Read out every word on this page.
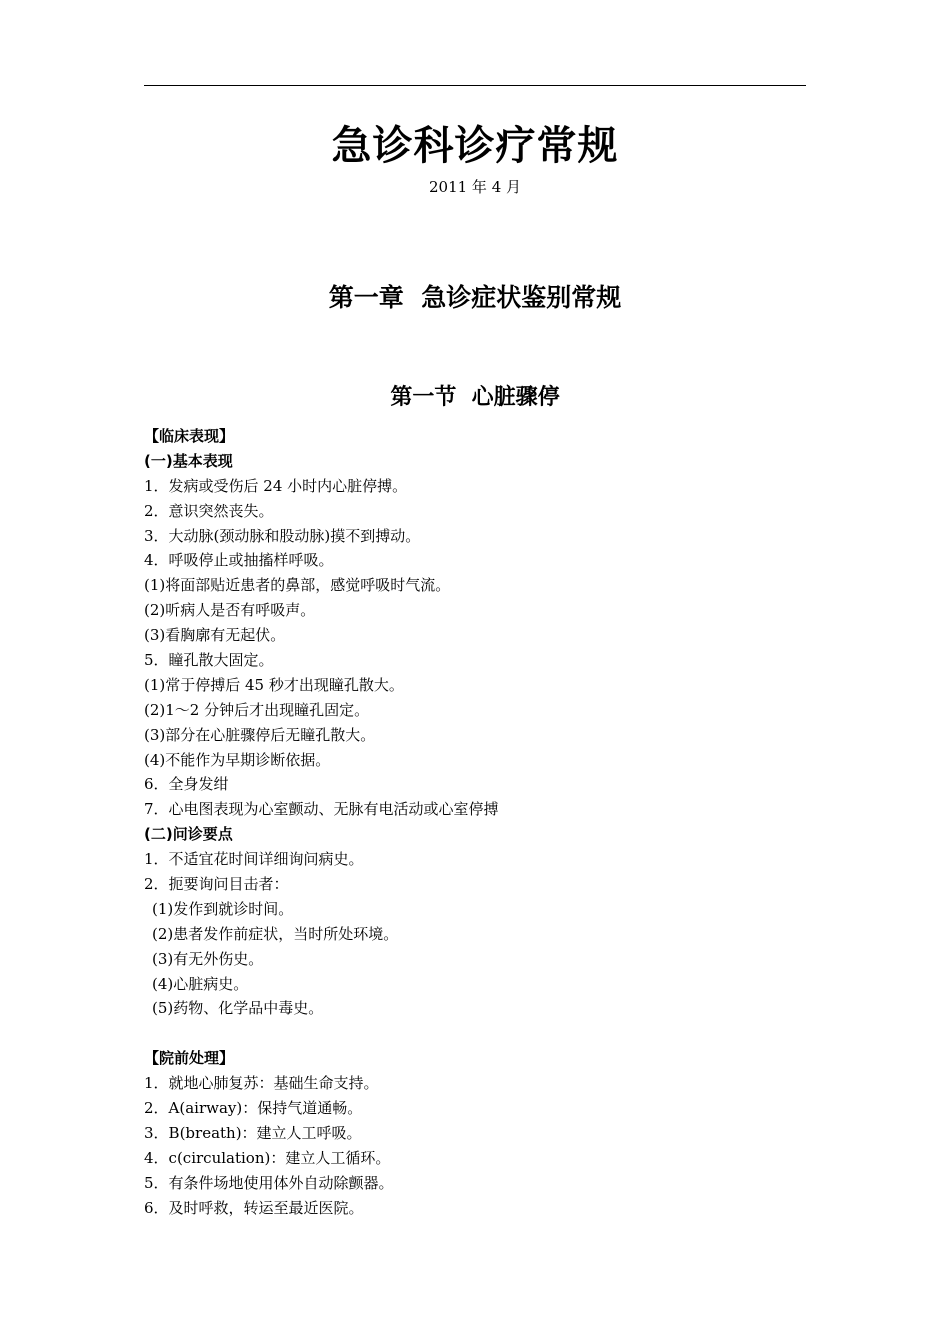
急诊科诊疗常规
2011 年 4 月
第一章  急诊症状鉴别常规
第一节  心脏骤停
【临床表现】
(一)基本表现
1．发病或受伤后 24 小时内心脏停搏。
2．意识突然丧失。
3．大动脉(颈动脉和股动脉)摸不到搏动。
4．呼吸停止或抽搐样呼吸。
(1)将面部贴近患者的鼻部，感觉呼吸时气流。
(2)听病人是否有呼吸声。
(3)看胸廓有无起伏。
5．瞳孔散大固定。
(1)常于停搏后 45 秒才出现瞳孔散大。
(2)1～2 分钟后才出现瞳孔固定。
(3)部分在心脏骤停后无瞳孔散大。
(4)不能作为早期诊断依据。
6．全身发绀
7．心电图表现为心室颤动、无脉有电活动或心室停搏
(二)问诊要点
1．不适宜花时间详细询问病史。
2．扼要询问目击者：
(1)发作到就诊时间。
(2)患者发作前症状，当时所处环境。
(3)有无外伤史。
(4)心脏病史。
(5)药物、化学品中毒史。
【院前处理】
1．就地心肺复苏：基础生命支持。
2．A(airway)：保持气道通畅。
3．B(breath)：建立人工呼吸。
4．c(circulation)：建立人工循环。
5．有条件场地使用体外自动除颤器。
6．及时呼救，转运至最近医院。
